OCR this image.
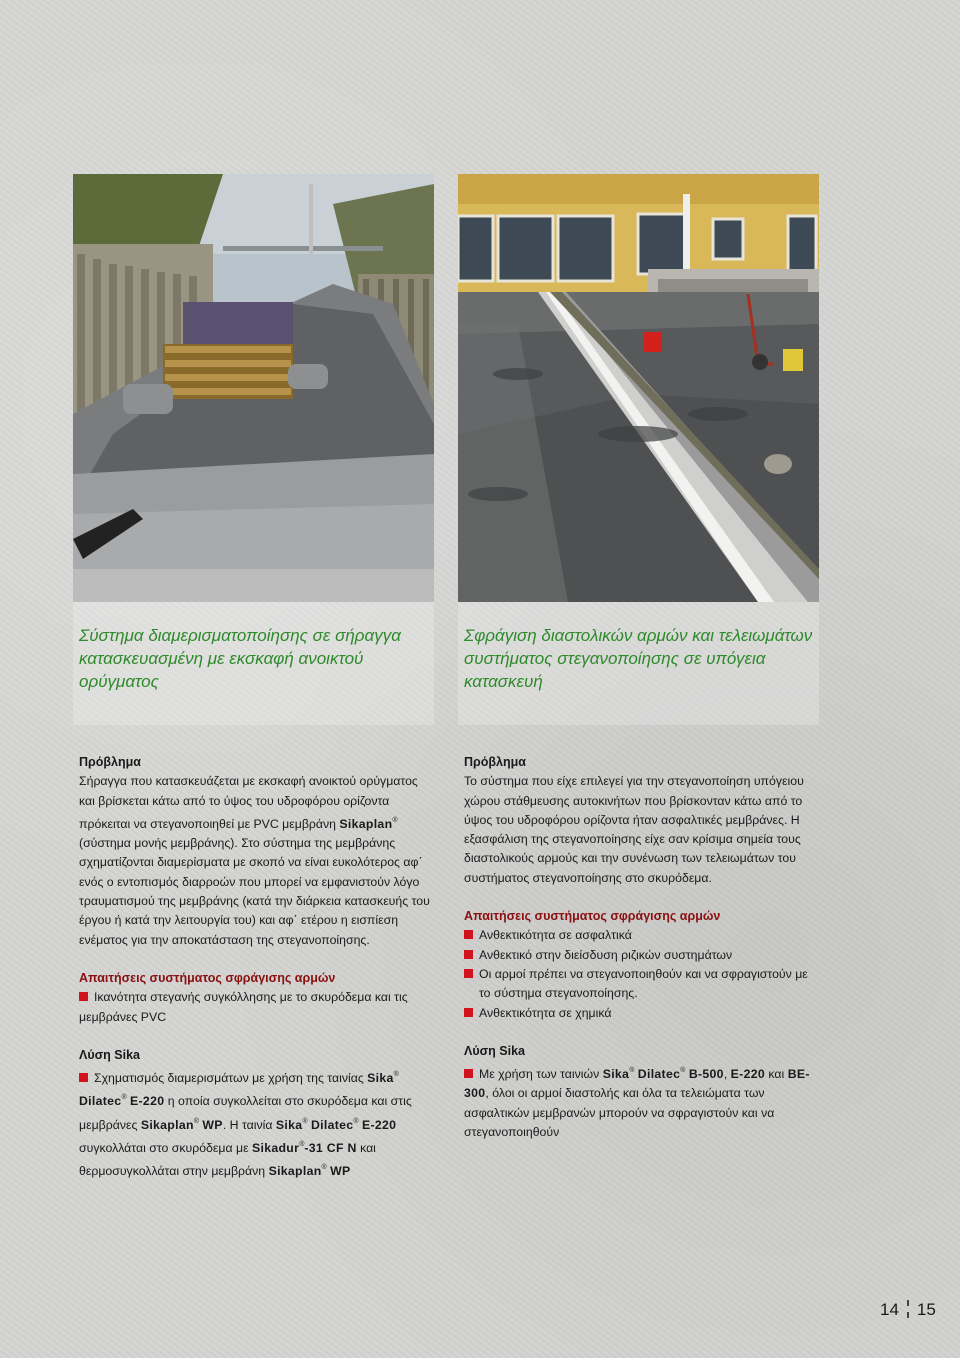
Σύστημα διαμερισματοποίησης σε σήραγγα κατασκευασμένη με εκσκαφή ανοικτού ορύγματος
Πρόβλημα
Σήραγγα που κατασκευάζεται με εκσκαφή ανοικτού ορύγματος και βρίσκεται κάτω από το ύψος του υδροφόρου ορίζοντα πρόκειται να στεγανοποιηθεί με PVC μεμβράνη Sikaplan® (σύστημα μονής μεμβράνης). Στο σύστημα της μεμβράνης σχηματίζονται διαμερίσματα με σκοπό να είναι ευκολότερος αφ΄ ενός ο εντοπισμός διαρροών που μπορεί να εμφανιστούν λόγο τραυματισμού της μεμβράνης (κατά την διάρκεια κατασκευής του έργου ή κατά την λειτουργία του) και αφ΄ ετέρου η εισπίεση ενέματος για την αποκατάσταση της στεγανοποίησης.
Απαιτήσεις συστήματος σφράγισης αρμών
Ικανότητα στεγανής συγκόλλησης με το σκυρόδεμα και τις μεμβράνες PVC
Λύση Sika
Σχηματισμός διαμερισμάτων με χρήση της ταινίας Sika® Dilatec® E-220 η οποία συγκολλείται στο σκυρόδεμα και στις μεμβράνες Sikaplan® WP. Η ταινία Sika® Dilatec® E-220 συγκολλάται στο σκυρόδεμα με Sikadur®-31 CF N και θερμοσυγκολλάται στην μεμβράνη Sikaplan® WP
Σφράγιση διαστολικών αρμών και τελειωμάτων συστήματος στεγανοποίησης σε υπόγεια κατασκευή
Πρόβλημα
Το σύστημα που είχε επιλεγεί για την στεγανοποίηση υπόγειου χώρου στάθμευσης αυτοκινήτων που βρίσκονταν κάτω από το ύψος του υδροφόρου ορίζοντα ήταν ασφαλτικές μεμβράνες. Η εξασφάλιση της στεγανοποίησης είχε σαν κρίσιμα σημεία τους διαστολικούς αρμούς και την συνένωση των τελειωμάτων του συστήματος στεγανοποίησης στο σκυρόδεμα.
Απαιτήσεις συστήματος σφράγισης αρμών
Ανθεκτικότητα σε ασφαλτικά
Ανθεκτικό στην διείσδυση ριζικών συστημάτων
Οι αρμοί πρέπει να στεγανοποιηθούν και να σφραγιστούν με το σύστημα στεγανοποίησης.
Ανθεκτικότητα σε χημικά
Λύση Sika
Με χρήση των ταινιών Sika® Dilatec® B-500, E-220 και BE-300, όλοι οι αρμοί διαστολής και όλα τα τελειώματα των ασφαλτικών μεμβρανών μπορούν να σφραγιστούν και να στεγανοποιηθούν
14 15
